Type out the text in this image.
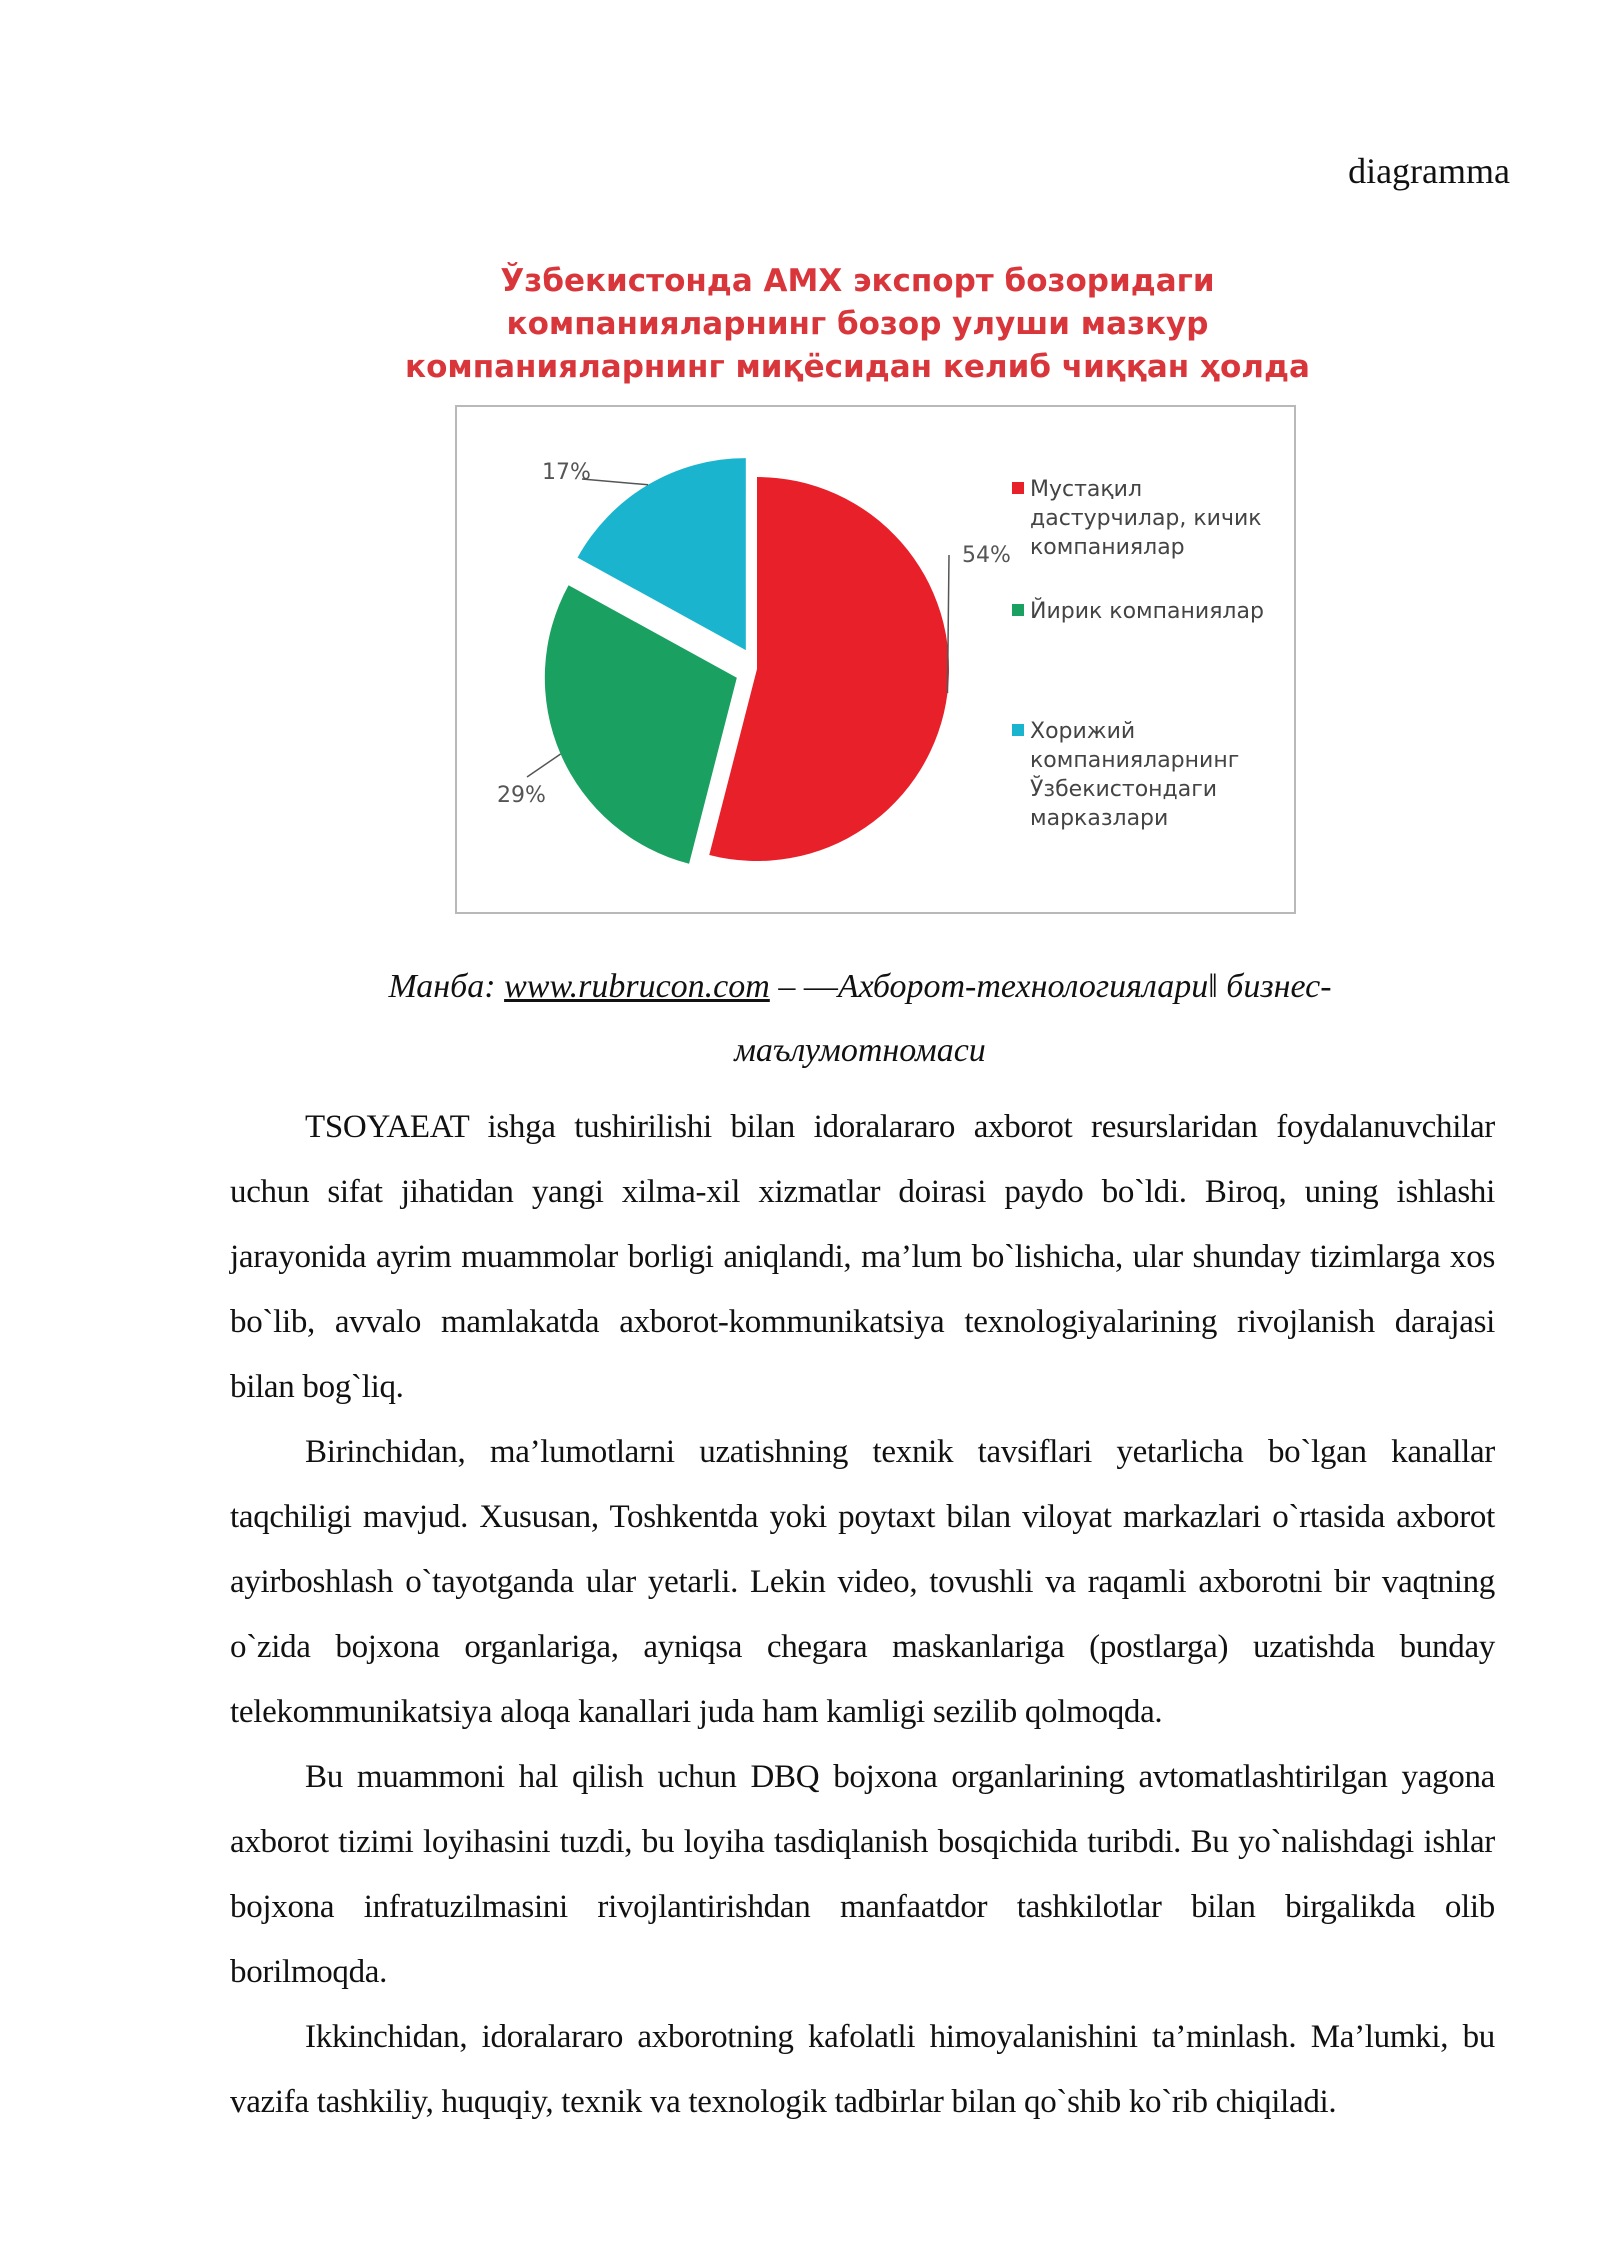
diagramma
Ўзбекистонда АМХ экспорт бозоридаги
компанияларнинг бозор улуши мазкур
компанияларнинг миқёсидан келиб чиққан ҳолда
54%
29%
17%
Мустақил дастурчилар, кичик компаниялар
Йирик компаниялар
Хорижий компанияларнинг Ўзбекистондаги марказлари
Манба: www.rubrucon.com – ―Ахборот-технологиялари‖ бизнес-
маълумотномаси

TSOYAEAT ishga tushirilishi bilan idoralararo axborot resurslaridan foydalanuvchilar uchun sifat jihatidan yangi xilma-xil xizmatlar doirasi paydo bo`ldi. Biroq, uning ishlashi jarayonida ayrim muammolar borligi aniqlandi, ma’lum bo`lishicha, ular shunday tizimlarga xos bo`lib, avvalo mamlakatda axborot-kommunikatsiya texnologiyalarining rivojlanish darajasi bilan bog`liq.

Birinchidan, ma’lumotlarni uzatishning texnik tavsiflari yetarlicha bo`lgan kanallar taqchiligi mavjud. Xususan, Toshkentda yoki poytaxt bilan viloyat markazlari o`rtasida axborot ayirboshlash o`tayotganda ular yetarli. Lekin video, tovushli va raqamli axborotni bir vaqtning o`zida bojxona organlariga, ayniqsa chegara maskanlariga (postlarga) uzatishda bunday telekommunikatsiya aloqa kanallari juda ham kamligi sezilib qolmoqda.

Bu muammoni hal qilish uchun DBQ bojxona organlarining avtomatlashtirilgan yagona axborot tizimi loyihasini tuzdi, bu loyiha tasdiqlanish bosqichida turibdi. Bu yo`nalishdagi ishlar bojxona infratuzilmasini rivojlantirishdan manfaatdor tashkilotlar bilan birgalikda olib borilmoqda.

Ikkinchidan, idoralararo axborotning kafolatli himoyalanishini ta’minlash. Ma’lumki, bu vazifa tashkiliy, huquqiy, texnik va texnologik tadbirlar bilan qo`shib ko`rib chiqiladi.
